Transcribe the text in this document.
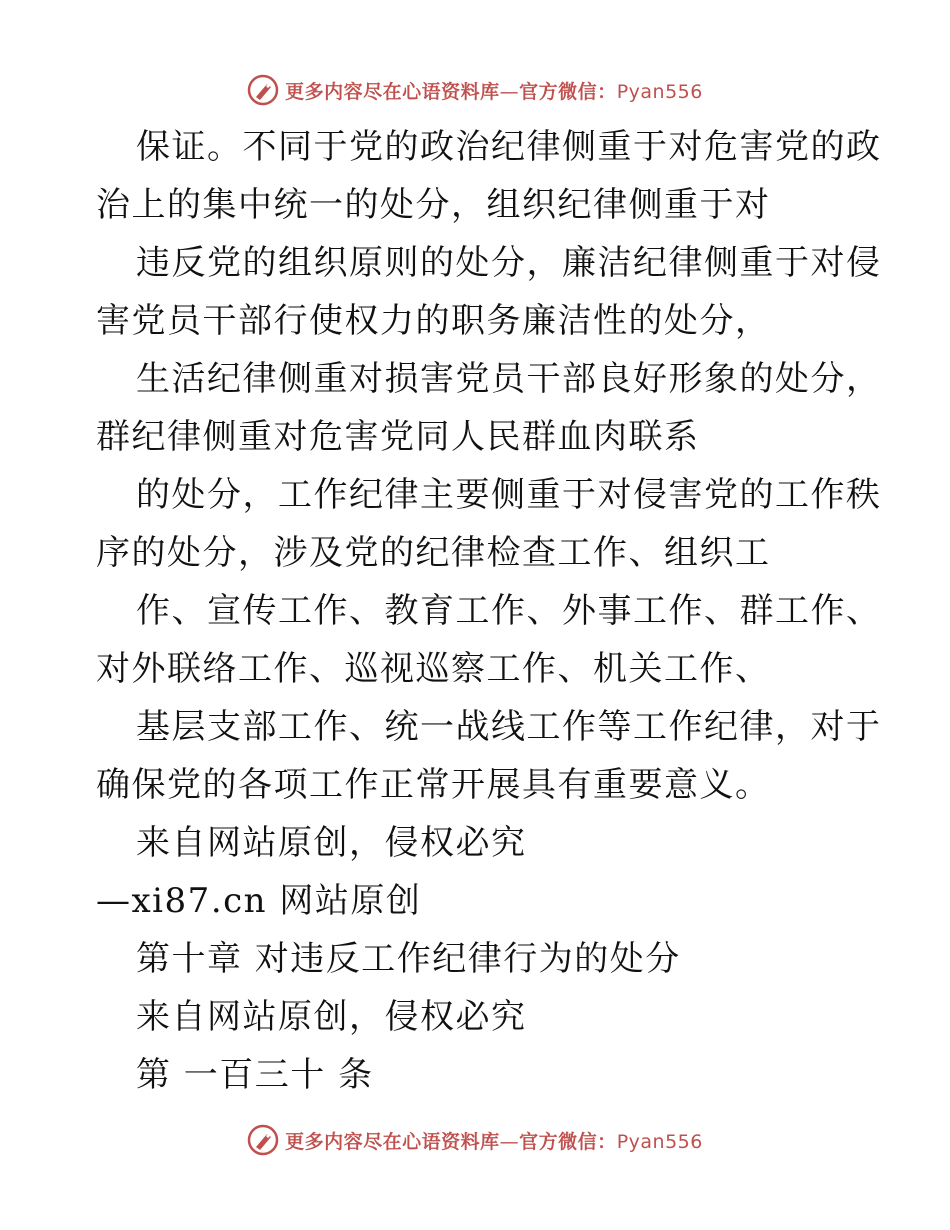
更多内容尽在心语资料库—官方微信：Pyan556
保证。不同于党的政治纪律侧重于对危害党的政
治上的集中统一的处分，组织纪律侧重于对
违反党的组织原则的处分，廉洁纪律侧重于对侵
害党员干部行使权力的职务廉洁性的处分，
生活纪律侧重对损害党员干部良好形象的处分，
群纪律侧重对危害党同人民群血肉联系
的处分，工作纪律主要侧重于对侵害党的工作秩
序的处分，涉及党的纪律检查工作、组织工
作、宣传工作、教育工作、外事工作、群工作、
对外联络工作、巡视巡察工作、机关工作、
基层支部工作、统一战线工作等工作纪律，对于
确保党的各项工作正常开展具有重要意义。
来自网站原创，侵权必究
—xi87.cn 网站原创
第十章 对违反工作纪律行为的处分
来自网站原创，侵权必究
第 一百三十 条
更多内容尽在心语资料库—官方微信：Pyan556
